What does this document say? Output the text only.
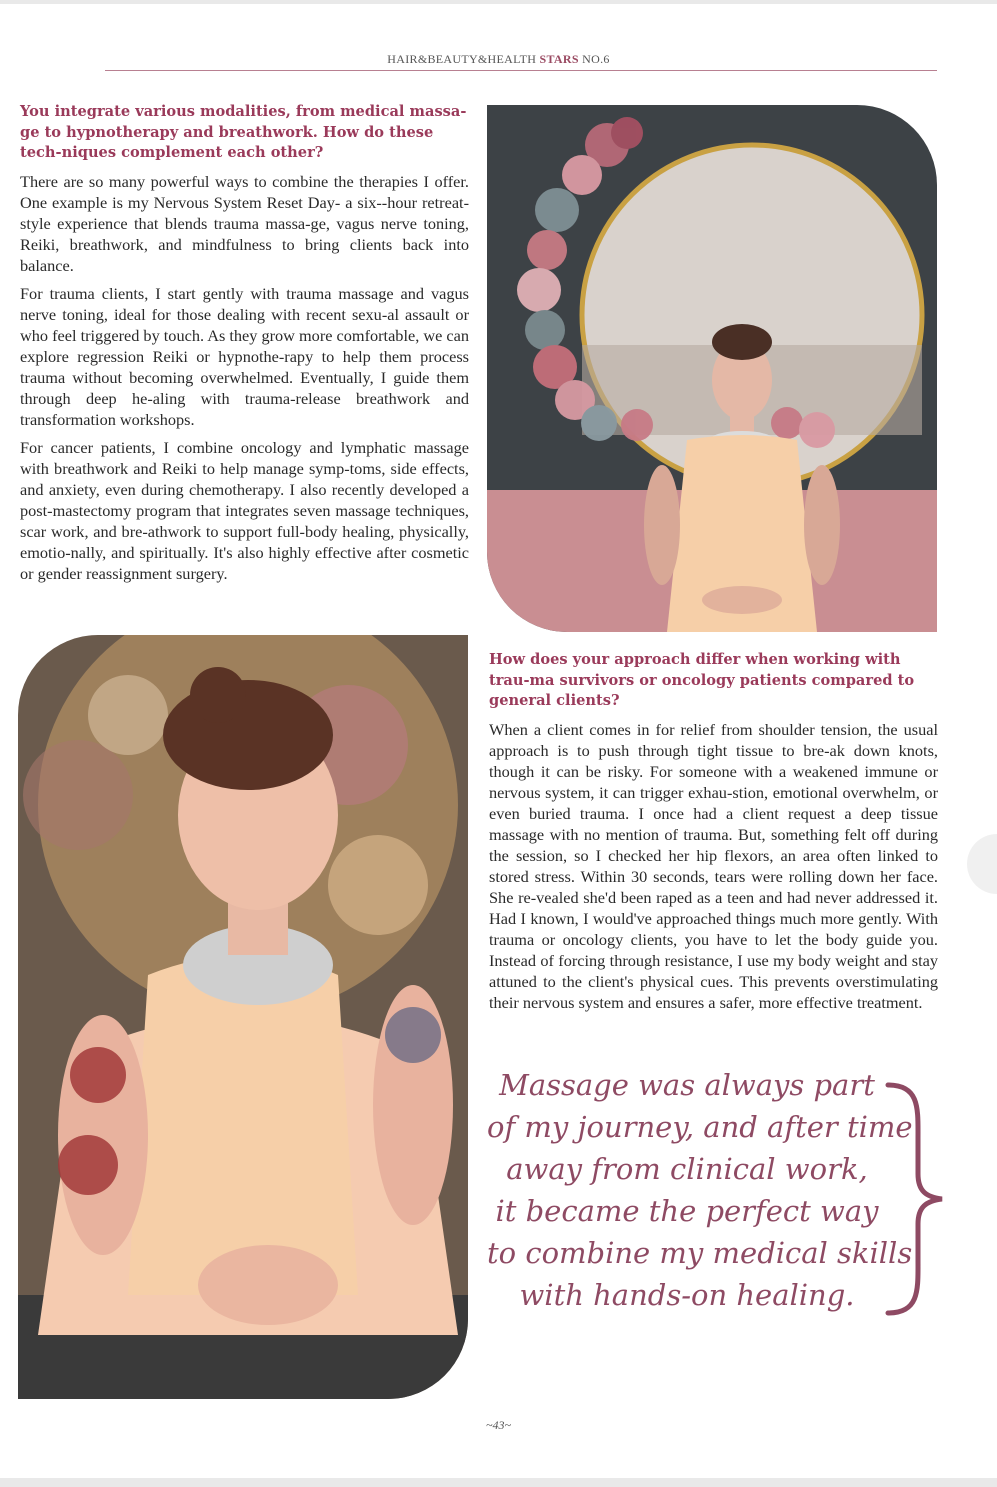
HAIR&BEAUTY&HEALTH STARS NO.6

You integrate various modalities, from medical massa-ge to hypnotherapy and breathwork. How do these tech-niques complement each other?

There are so many powerful ways to combine the therapies I offer. One example is my Nervous System Reset Day- a six--hour retreat-style experience that blends trauma massa-ge, vagus nerve toning, Reiki, breathwork, and mindfulness to bring clients back into balance.

For trauma clients, I start gently with trauma massage and vagus nerve toning, ideal for those dealing with recent sexu-al assault or who feel triggered by touch. As they grow more comfortable, we can explore regression Reiki or hypnothe-rapy to help them process trauma without becoming overwhelmed. Eventually, I guide them through deep he-aling with trauma-release breathwork and transformation workshops.

For cancer patients, I combine oncology and lymphatic massage with breathwork and Reiki to help manage symp-toms, side effects, and anxiety, even during chemotherapy. I also recently developed a post-mastectomy program that integrates seven massage techniques, scar work, and bre-athwork to support full-body healing, physically, emotio-nally, and spiritually. It's also highly effective after cosmetic or gender reassignment surgery.

How does your approach differ when working with trau-ma survivors or oncology patients compared to general clients?

When a client comes in for relief from shoulder tension, the usual approach is to push through tight tissue to bre-ak down knots, though it can be risky. For someone with a weakened immune or nervous system, it can trigger exhau-stion, emotional overwhelm, or even buried trauma. I once had a client request a deep tissue massage with no mention of trauma. But, something felt off during the session, so I checked her hip flexors, an area often linked to stored stress. Within 30 seconds, tears were rolling down her face. She re-vealed she'd been raped as a teen and had never addressed it. Had I known, I would've approached things much more gently. With trauma or oncology clients, you have to let the body guide you. Instead of forcing through resistance, I use my body weight and stay attuned to the client's physical cues. This prevents overstimulating their nervous system and ensures a safer, more effective treatment.

Massage was always part
of my journey, and after time
away from clinical work,
it became the perfect way
to combine my medical skills
with hands-on healing.
~43~
